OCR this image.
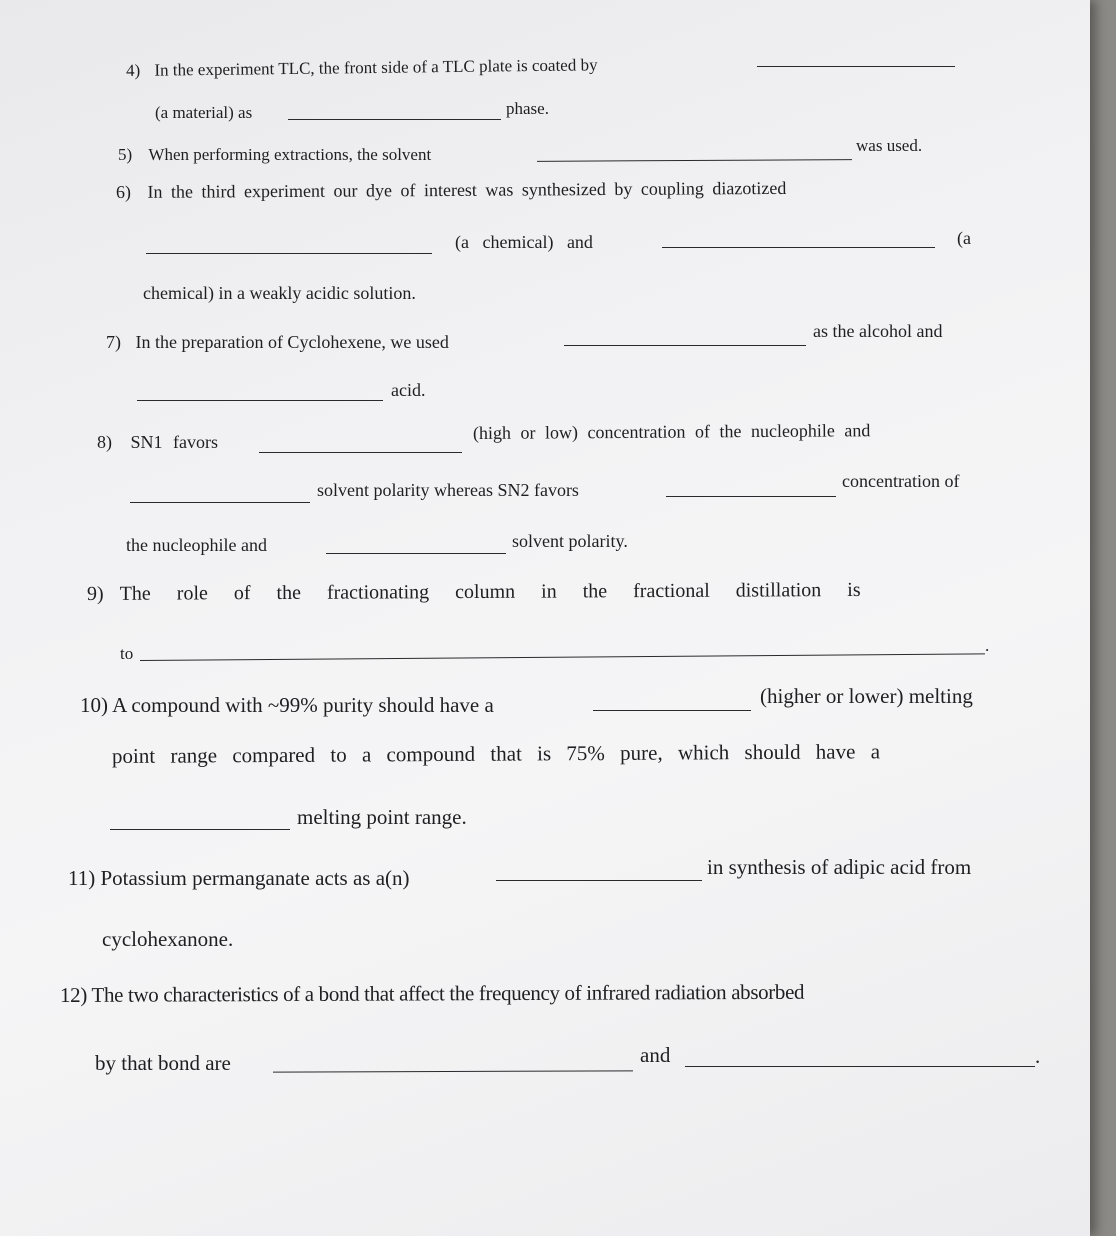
4) In the experiment TLC, the front side of a TLC plate is coated by
(a material) as	phase.
5) When performing extractions, the solvent	was used.
6) In the third experiment our dye of interest was synthesized by coupling diazotized
(a chemical) and	(a
chemical) in a weakly acidic solution.
7) In the preparation of Cyclohexene, we used
as the alcohol and
acid.
8) SN1 favors	(high or low) concentration of the nucleophile and
solvent polarity whereas SN2 favors	concentration of
the nucleophile and	solvent polarity.
9) The role of the fractionating column in the fractional distillation is
to	.
10) A compound with ~99% purity should have a	(higher or lower) melting
point range compared to a compound that is 75% pure, which should have a
melting point range.
11) Potassium permanganate acts as a(n)	in synthesis of adipic acid from
cyclohexanone.
12) The two characteristics of a bond that affect the frequency of infrared radiation absorbed
by that bond are	and	.
